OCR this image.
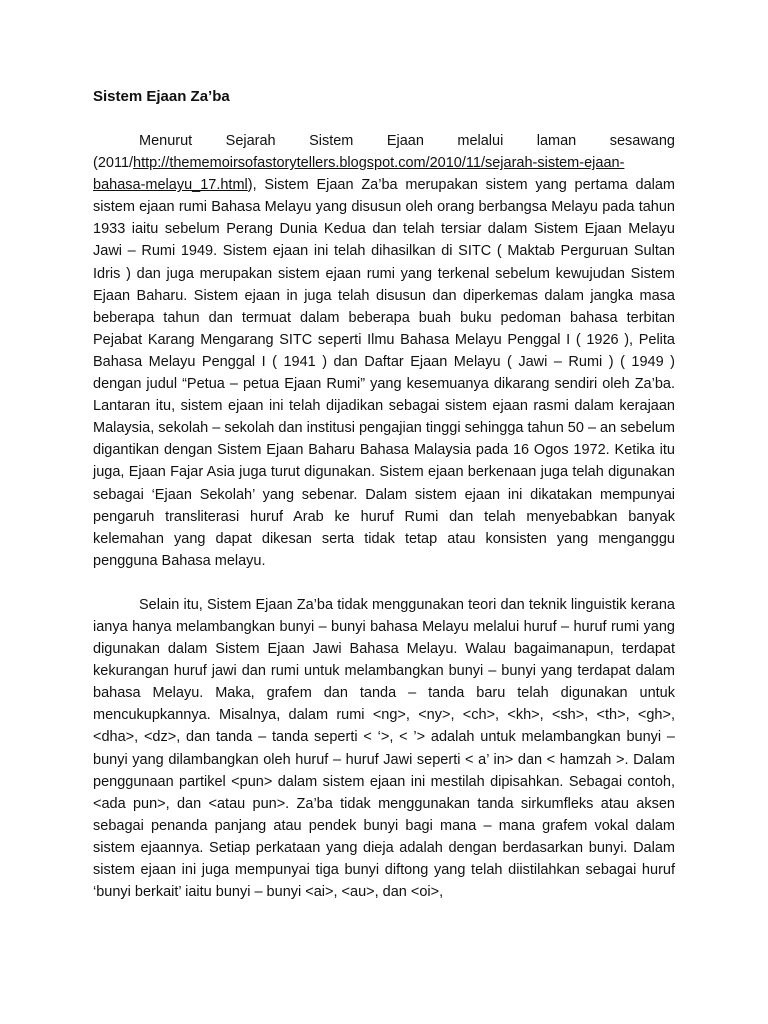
Sistem Ejaan Za’ba

Menurut Sejarah Sistem Ejaan melalui laman sesawang (2011/http://thememoirsofastorytellers.blogspot.com/2010/11/sejarah-sistem-ejaan-bahasa-melayu_17.html), Sistem Ejaan Za’ba merupakan sistem yang pertama dalam sistem ejaan rumi Bahasa Melayu yang disusun oleh orang berbangsa Melayu pada tahun 1933 iaitu sebelum Perang Dunia Kedua dan telah tersiar dalam Sistem Ejaan Melayu Jawi – Rumi 1949. Sistem ejaan ini telah dihasilkan di SITC ( Maktab Perguruan Sultan Idris ) dan juga merupakan sistem ejaan rumi yang terkenal sebelum kewujudan Sistem Ejaan Baharu. Sistem ejaan in juga telah disusun dan diperkemas dalam jangka masa beberapa tahun dan termuat dalam beberapa buah buku pedoman bahasa terbitan Pejabat Karang Mengarang SITC seperti Ilmu Bahasa Melayu Penggal I ( 1926 ), Pelita Bahasa Melayu Penggal I ( 1941 ) dan Daftar Ejaan Melayu ( Jawi – Rumi ) ( 1949 ) dengan judul “Petua – petua Ejaan Rumi” yang kesemuanya dikarang sendiri oleh Za’ba. Lantaran itu, sistem ejaan ini telah dijadikan sebagai sistem ejaan rasmi dalam kerajaan Malaysia, sekolah – sekolah dan institusi pengajian tinggi sehingga tahun 50 – an sebelum digantikan dengan Sistem Ejaan Baharu Bahasa Malaysia pada 16 Ogos 1972. Ketika itu juga, Ejaan Fajar Asia juga turut digunakan. Sistem ejaan berkenaan juga telah digunakan sebagai ‘Ejaan Sekolah’ yang sebenar. Dalam sistem ejaan ini dikatakan mempunyai pengaruh transliterasi huruf Arab ke huruf Rumi dan telah menyebabkan banyak kelemahan yang dapat dikesan serta tidak tetap atau konsisten yang menganggu pengguna Bahasa melayu.

Selain itu, Sistem Ejaan Za’ba tidak menggunakan teori dan teknik linguistik kerana ianya hanya melambangkan bunyi – bunyi bahasa Melayu melalui huruf – huruf rumi yang digunakan dalam Sistem Ejaan Jawi Bahasa Melayu. Walau bagaimanapun, terdapat kekurangan huruf jawi dan rumi untuk melambangkan bunyi – bunyi yang terdapat dalam bahasa Melayu. Maka, grafem dan tanda – tanda baru telah digunakan untuk mencukupkannya. Misalnya, dalam rumi <ng>, <ny>, <ch>, <kh>, <sh>, <th>, <gh>, <dha>, <dz>, dan tanda – tanda seperti < ‘>, < ’> adalah untuk melambangkan bunyi – bunyi yang dilambangkan oleh huruf – huruf Jawi seperti < a’ in> dan < hamzah >. Dalam penggunaan partikel <pun> dalam sistem ejaan ini mestilah dipisahkan. Sebagai contoh, <ada pun>, dan <atau pun>. Za’ba tidak menggunakan tanda sirkumfleks atau aksen sebagai penanda panjang atau pendek bunyi bagi mana – mana grafem vokal dalam sistem ejaannya. Setiap perkataan yang dieja adalah dengan berdasarkan bunyi. Dalam sistem ejaan ini juga mempunyai tiga bunyi diftong yang telah diistilahkan sebagai huruf ‘bunyi berkait’ iaitu bunyi – bunyi <ai>, <au>, dan <oi>,
